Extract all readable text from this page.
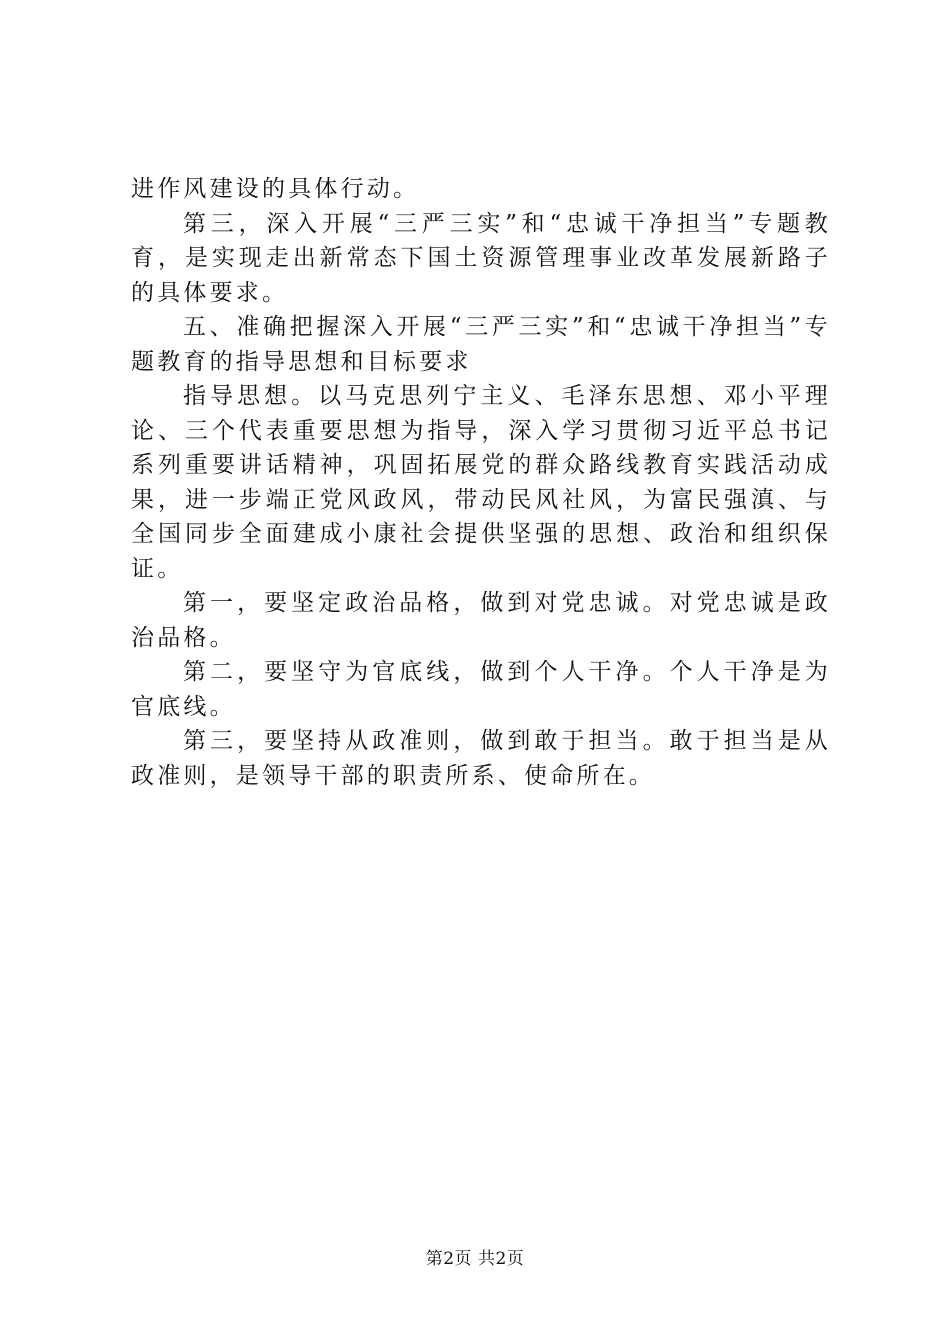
进作风建设的具体行动。

第三，深入开展“三严三实”和“忠诚干净担当”专题教育，是实现走出新常态下国土资源管理事业改革发展新路子的具体要求。

五、准确把握深入开展“三严三实”和“忠诚干净担当”专题教育的指导思想和目标要求

指导思想。以马克思列宁主义、毛泽东思想、邓小平理论、三个代表重要思想为指导，深入学习贯彻习近平总书记系列重要讲话精神，巩固拓展党的群众路线教育实践活动成果，进一步端正党风政风，带动民风社风，为富民强滇、与全国同步全面建成小康社会提供坚强的思想、政治和组织保证。

第一，要坚定政治品格，做到对党忠诚。对党忠诚是政治品格。

第二，要坚守为官底线，做到个人干净。个人干净是为官底线。

第三，要坚持从政准则，做到敢于担当。敢于担当是从政准则，是领导干部的职责所系、使命所在。

第2页 共2页
